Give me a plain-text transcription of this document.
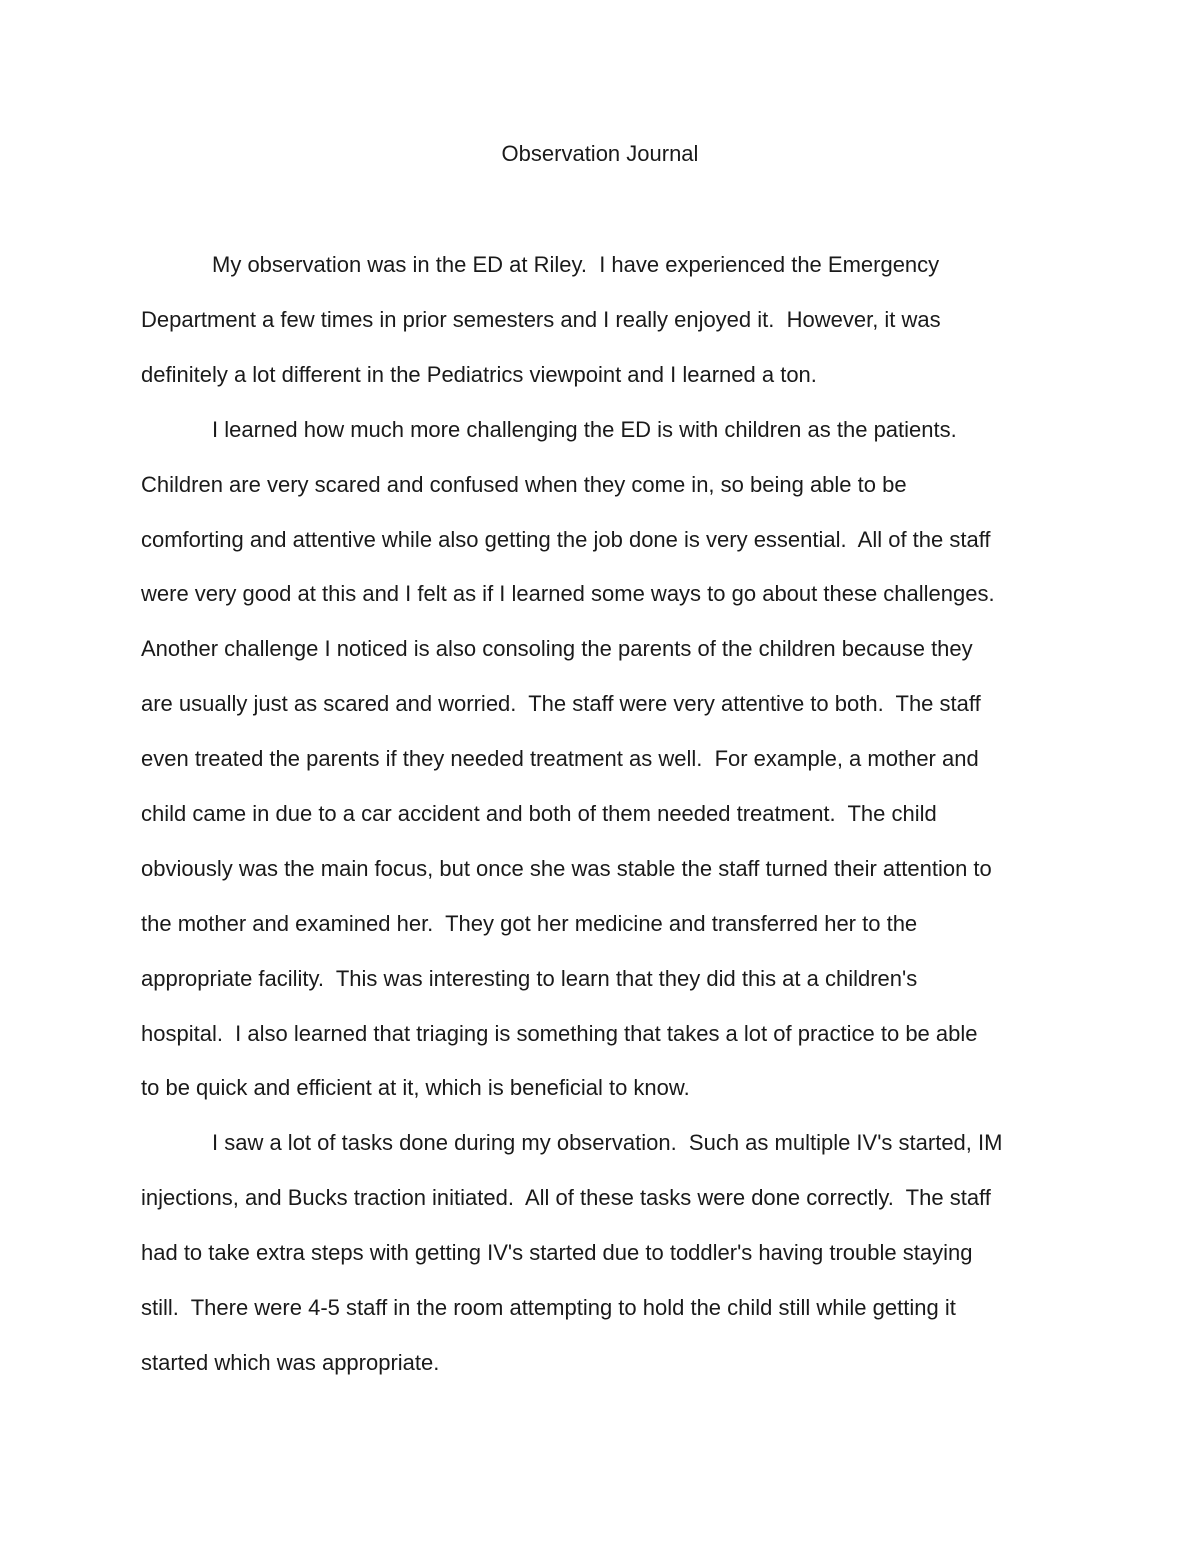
Observation Journal
My observation was in the ED at Riley.  I have experienced the Emergency
Department a few times in prior semesters and I really enjoyed it.  However, it was
definitely a lot different in the Pediatrics viewpoint and I learned a ton.
I learned how much more challenging the ED is with children as the patients.
Children are very scared and confused when they come in, so being able to be
comforting and attentive while also getting the job done is very essential.  All of the staff
were very good at this and I felt as if I learned some ways to go about these challenges.
Another challenge I noticed is also consoling the parents of the children because they
are usually just as scared and worried.  The staff were very attentive to both.  The staff
even treated the parents if they needed treatment as well.  For example, a mother and
child came in due to a car accident and both of them needed treatment.  The child
obviously was the main focus, but once she was stable the staff turned their attention to
the mother and examined her.  They got her medicine and transferred her to the
appropriate facility.  This was interesting to learn that they did this at a children's
hospital.  I also learned that triaging is something that takes a lot of practice to be able
to be quick and efficient at it, which is beneficial to know.
I saw a lot of tasks done during my observation.  Such as multiple IV's started, IM
injections, and Bucks traction initiated.  All of these tasks were done correctly.  The staff
had to take extra steps with getting IV's started due to toddler's having trouble staying
still.  There were 4-5 staff in the room attempting to hold the child still while getting it
started which was appropriate.
